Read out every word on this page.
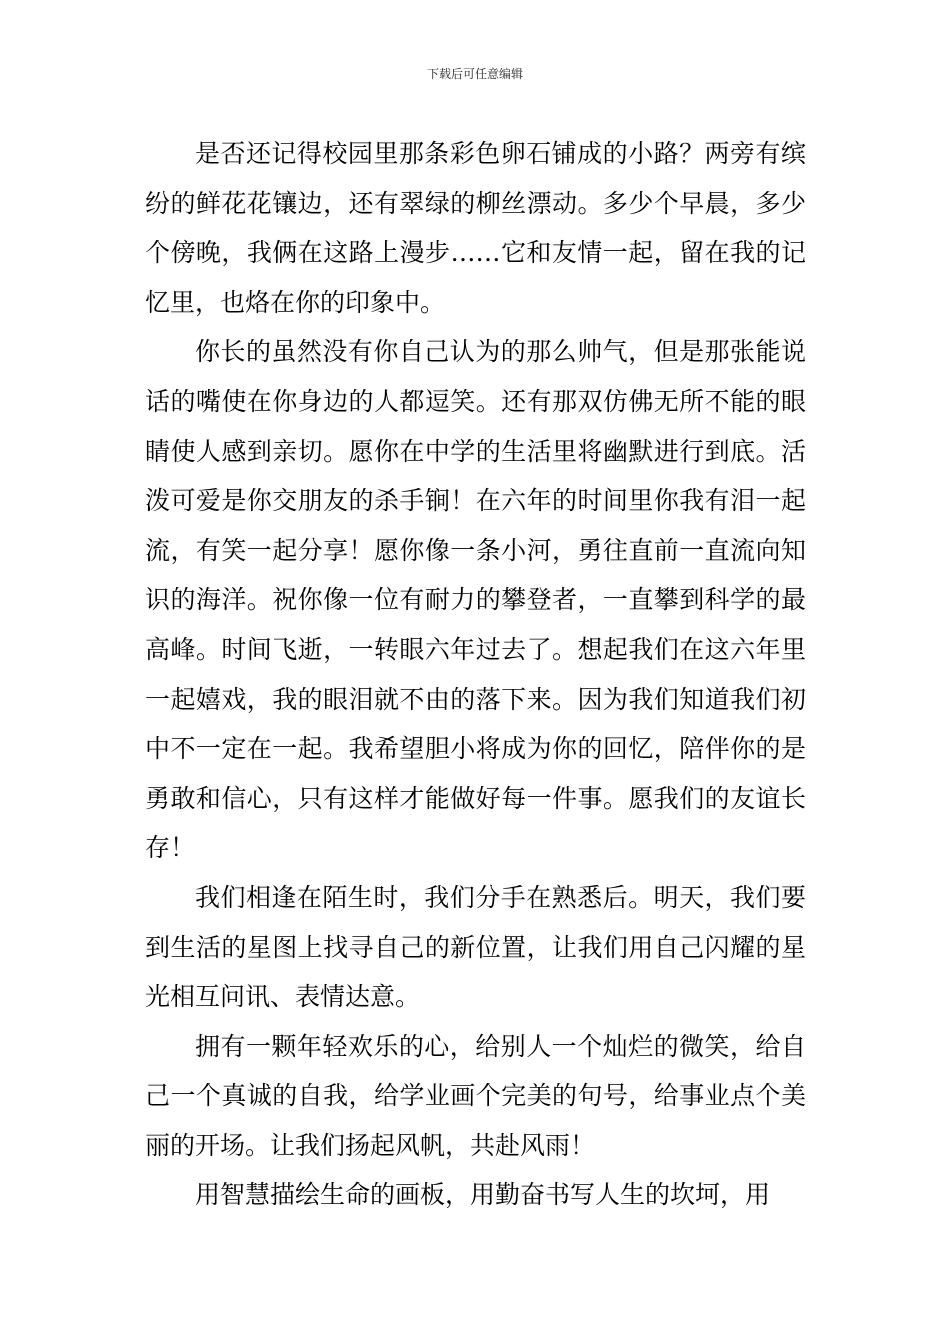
下载后可任意编辑

是否还记得校园里那条彩色卵石铺成的小路？两旁有缤纷的鲜花花镶边，还有翠绿的柳丝漂动。多少个早晨，多少个傍晚，我俩在这路上漫步……它和友情一起，留在我的记忆里，也烙在你的印象中。

你长的虽然没有你自己认为的那么帅气，但是那张能说话的嘴使在你身边的人都逗笑。还有那双仿佛无所不能的眼睛使人感到亲切。愿你在中学的生活里将幽默进行到底。活泼可爱是你交朋友的杀手锏！在六年的时间里你我有泪一起流，有笑一起分享！愿你像一条小河，勇往直前一直流向知识的海洋。祝你像一位有耐力的攀登者，一直攀到科学的最高峰。时间飞逝，一转眼六年过去了。想起我们在这六年里一起嬉戏，我的眼泪就不由的落下来。因为我们知道我们初中不一定在一起。我希望胆小将成为你的回忆，陪伴你的是勇敢和信心，只有这样才能做好每一件事。愿我们的友谊长存！

我们相逢在陌生时，我们分手在熟悉后。明天，我们要到生活的星图上找寻自己的新位置，让我们用自己闪耀的星光相互问讯、表情达意。

拥有一颗年轻欢乐的心，给别人一个灿烂的微笑，给自己一个真诚的自我，给学业画个完美的句号，给事业点个美丽的开场。让我们扬起风帆，共赴风雨！

用智慧描绘生命的画板，用勤奋书写人生的坎坷，用
